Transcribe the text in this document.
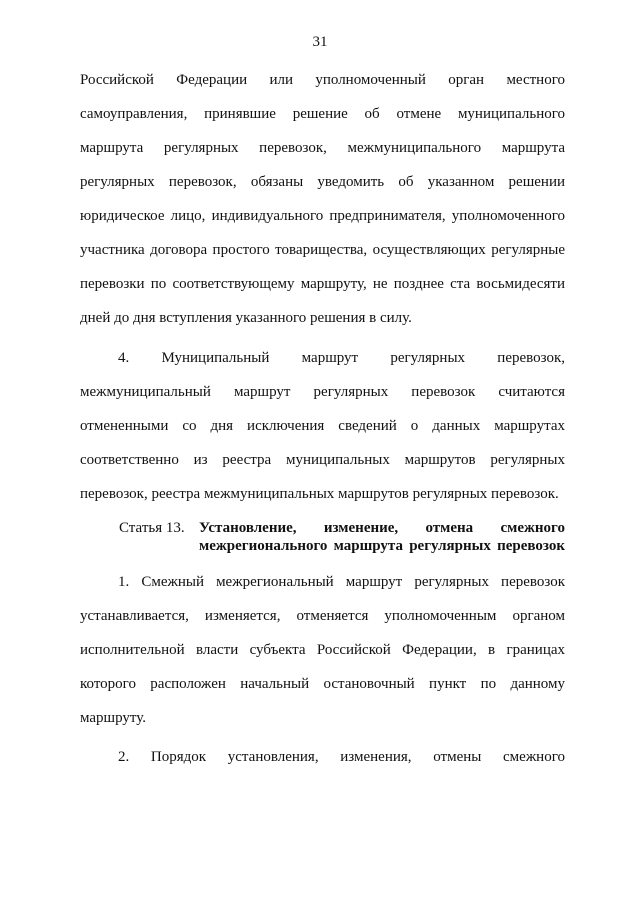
31
Российской Федерации или уполномоченный орган местного
самоуправления, принявшие решение об отмене муниципального
маршрута регулярных перевозок, межмуниципального маршрута
регулярных перевозок, обязаны уведомить об указанном решении
юридическое лицо, индивидуального предпринимателя, уполномоченного
участника договора простого товарищества, осуществляющих регулярные
перевозки по соответствующему маршруту, не позднее ста восьмидесяти
дней до дня вступления указанного решения в силу.
4. Муниципальный маршрут регулярных перевозок,
межмуниципальный маршрут регулярных перевозок считаются
отмененными со дня исключения сведений о данных маршрутах
соответственно из реестра муниципальных маршрутов регулярных
перевозок, реестра межмуниципальных маршрутов регулярных перевозок.
Статья 13. Установление, изменение, отмена смежного
межрегионального маршрута регулярных перевозок
1. Смежный межрегиональный маршрут регулярных перевозок
устанавливается, изменяется, отменяется уполномоченным органом
исполнительной власти субъекта Российской Федерации, в границах
которого расположен начальный остановочный пункт по данному
маршруту.
2. Порядок установления, изменения, отмены смежного
